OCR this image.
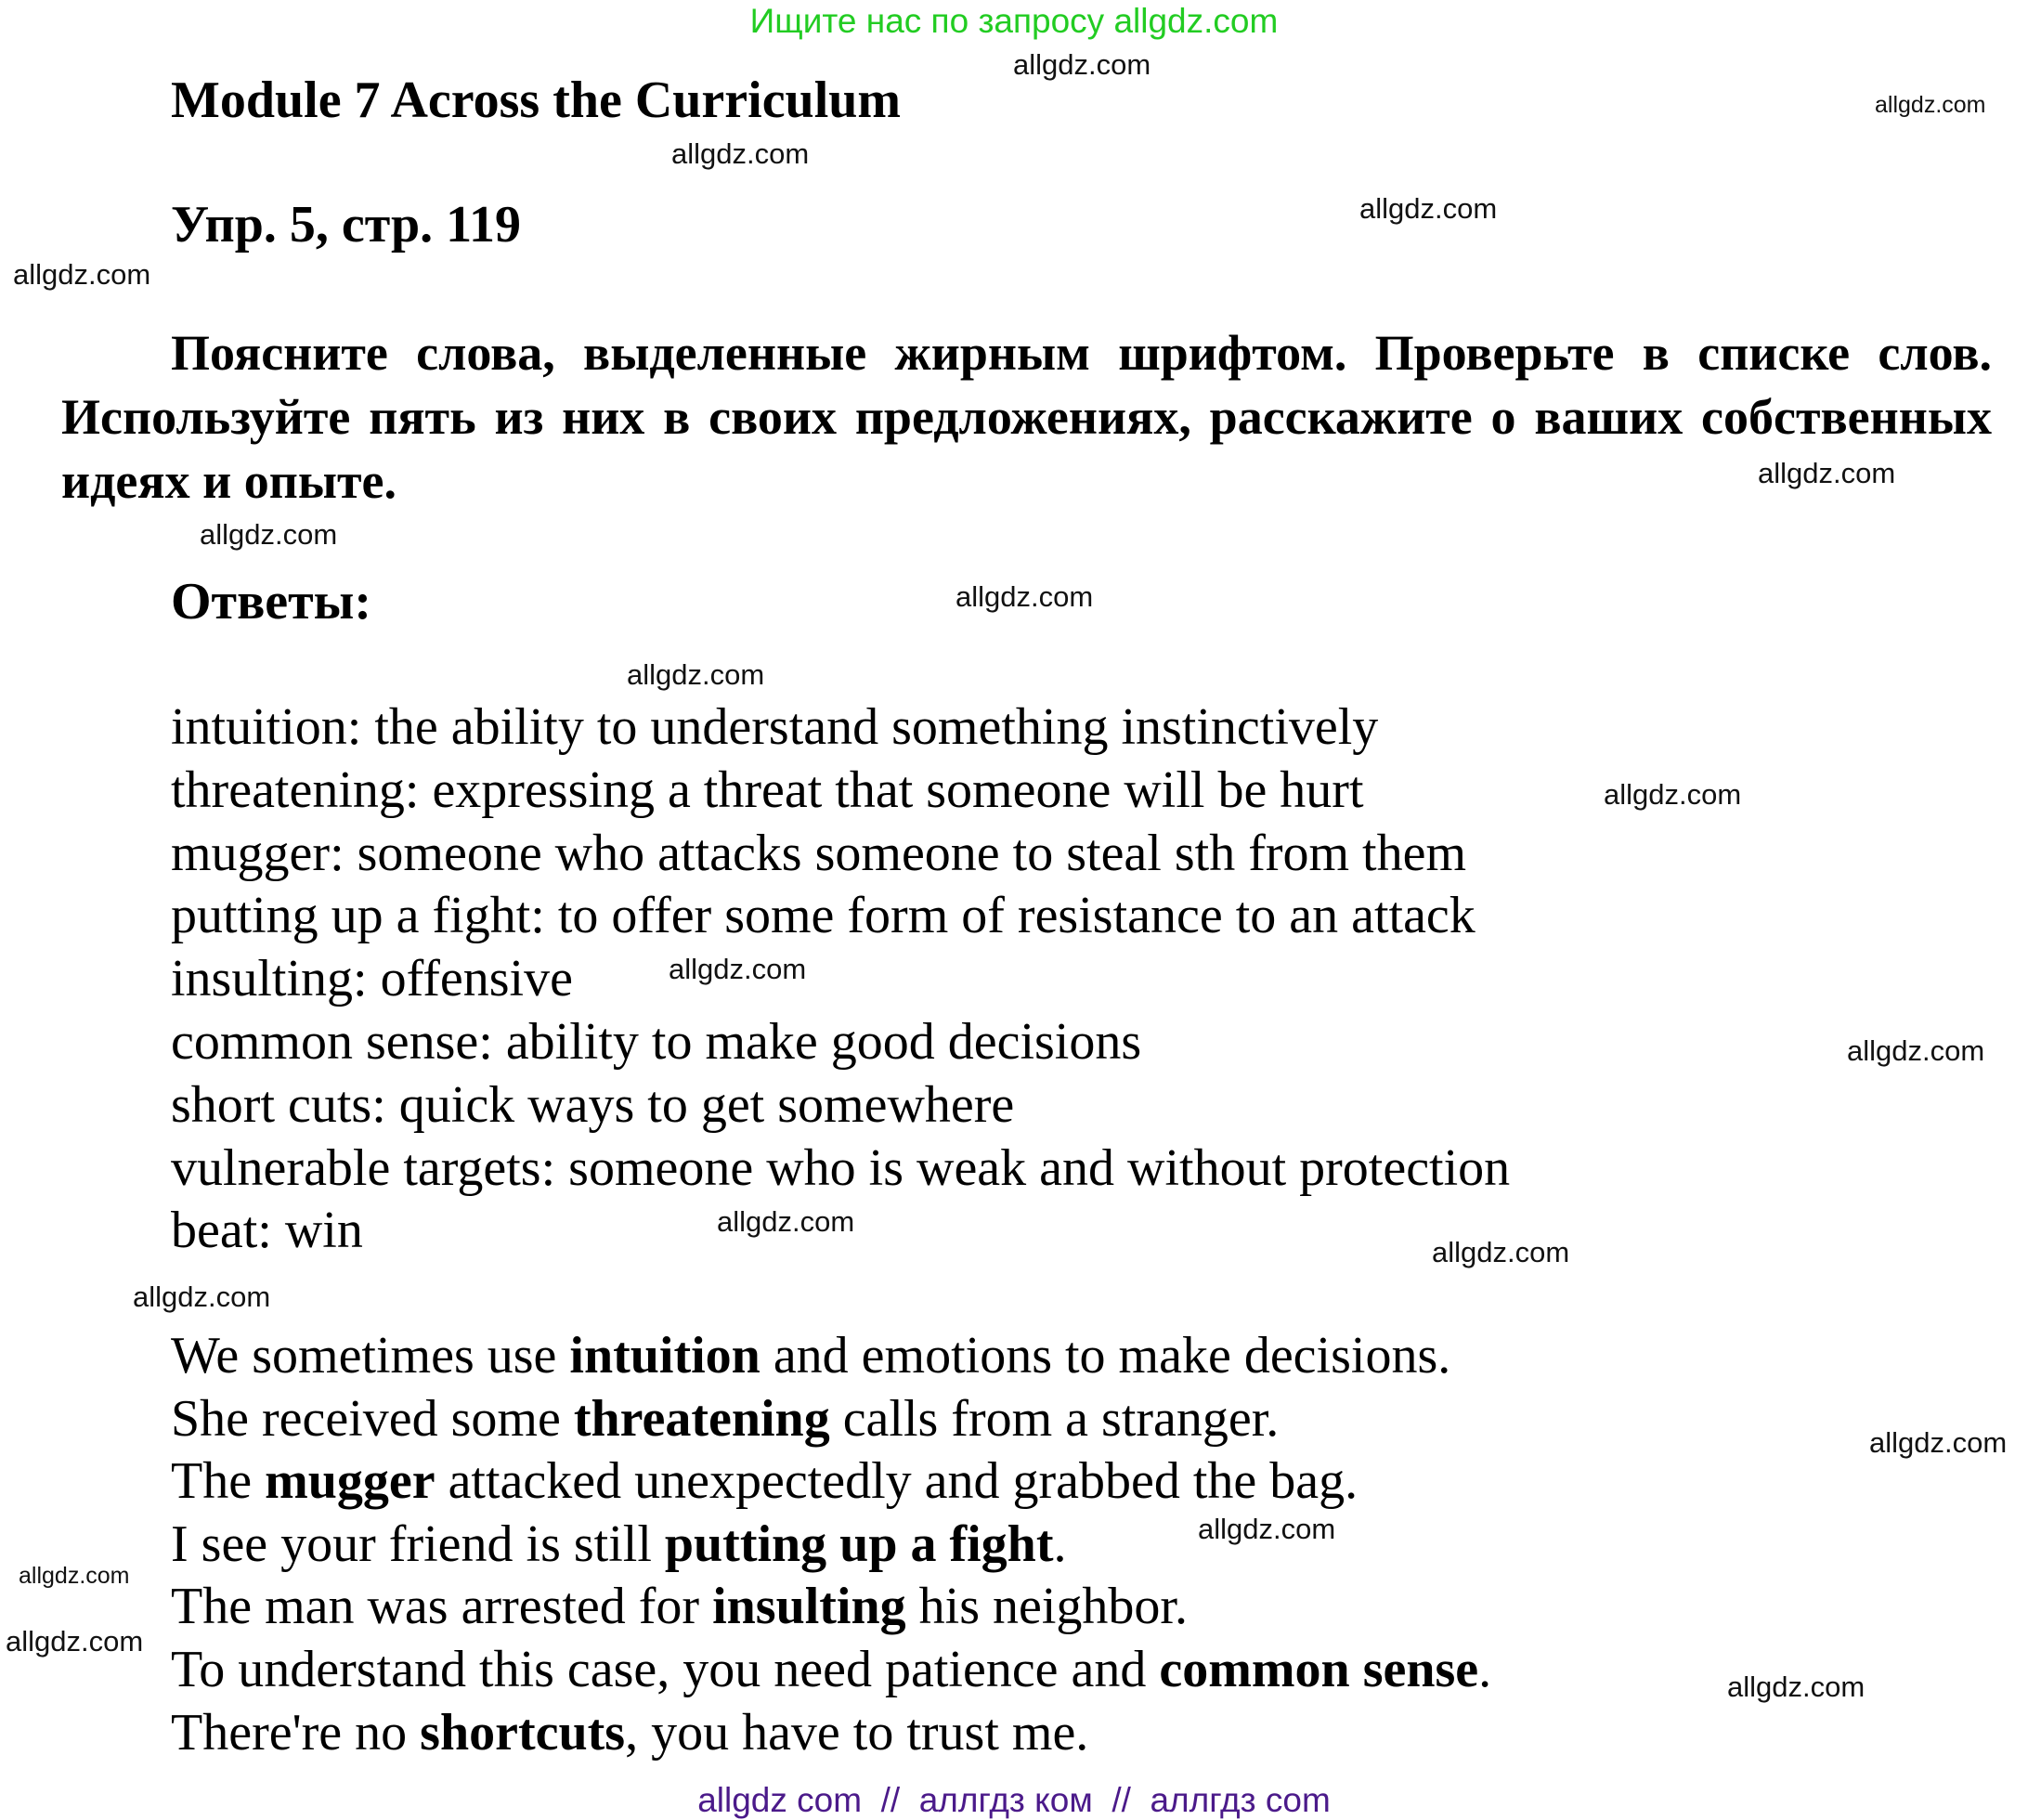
Ищите нас по запросу allgdz.com
Module 7 Across the Curriculum
Упр. 5, стр. 119
Поясните слова, выделенные жирным шрифтом. Проверьте в списке слов. Используйте пять из них в своих предложениях, расскажите о ваших собственных идеях и опыте.
Ответы:
intuition: the ability to understand something instinctively
threatening: expressing a threat that someone will be hurt
mugger: someone who attacks someone to steal sth from them
putting up a fight: to offer some form of resistance to an attack
insulting: offensive
common sense: ability to make good decisions
short cuts: quick ways to get somewhere
vulnerable targets: someone who is weak and without protection
beat: win
We sometimes use intuition and emotions to make decisions.
She received some threatening calls from a stranger.
The mugger attacked unexpectedly and grabbed the bag.
I see your friend is still putting up a fight.
The man was arrested for insulting his neighbor.
To understand this case, you need patience and common sense.
There're no shortcuts, you have to trust me.
allgdz.com
allgdz.com
allgdz.com
allgdz.com
allgdz.com
allgdz.com
allgdz.com
allgdz.com
allgdz.com
allgdz.com
allgdz.com
allgdz.com
allgdz.com
allgdz.com
allgdz.com
allgdz.com
allgdz.com
allgdz.com
allgdz.com
allgdz.com
allgdz com  //  аллгдз ком  //  аллгдз com
